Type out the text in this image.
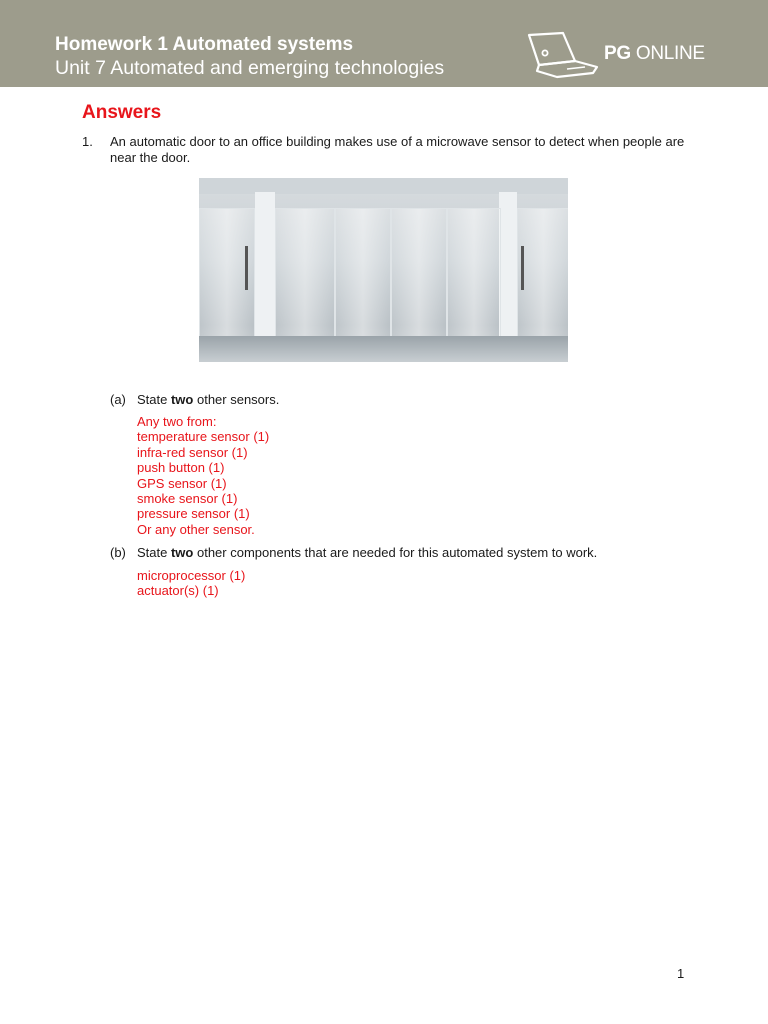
Homework 1 Automated systems
Unit 7 Automated and emerging technologies
PG ONLINE
Answers
1. An automatic door to an office building makes use of a microwave sensor to detect when people are near the door.
(a) State two other sensors.
Any two from:
temperature sensor (1)
infra-red sensor (1)
push button (1)
GPS sensor (1)
smoke sensor (1)
pressure sensor (1)
Or any other sensor.
(b) State two other components that are needed for this automated system to work.
microprocessor (1)
actuator(s) (1)
1
